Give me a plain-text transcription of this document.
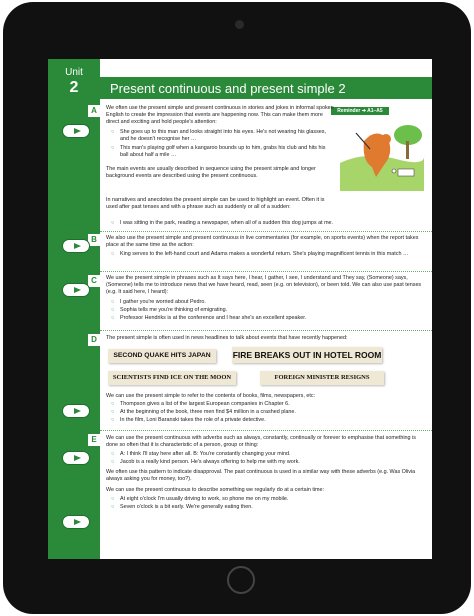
Unit
2	Present continuous and present simple 2
A	Reminder ➔ A1–A5
We often use the present simple and present continuous in stories and jokes in informal spoken English to create the impression that events are happening now. This can make them more direct and exciting and hold people's attention:
○ She goes up to this man and looks straight into his eyes. He's not wearing his glasses, and he doesn't recognise her …
○ This man's playing golf when a kangaroo bounds up to him, grabs his club and hits his ball about half a mile …
The main events are usually described in sequence using the present simple and longer background events are described using the present continuous.
In narratives and anecdotes the present simple can be used to highlight an event. Often it is used after past tenses and with a phrase such as suddenly or all of a sudden:
○ I was sitting in the park, reading a newspaper, when all of a sudden this dog jumps at me.
B	We also use the present simple and present continuous in live commentaries (for example, on sports events) when the report takes place at the same time as the action:
○ King serves to the left-hand court and Adams makes a wonderful return. She's playing magnificent tennis in this match …
C	We use the present simple in phrases such as It says here, I hear, I gather, I see, I understand and They say, (Someone) says, (Someone) tells me to introduce news that we have heard, read, seen (e.g. on television), or been told. We can also use past tenses (e.g. It said here, I heard):
○ I gather you're worried about Pedro.
○ Sophia tells me you're thinking of emigrating.
○ Professor Hendriks is at the conference and I hear she's an excellent speaker.
D	The present simple is often used in news headlines to talk about events that have recently happened:
SECOND QUAKE HITS JAPAN	FIRE BREAKS OUT IN HOTEL ROOM
SCIENTISTS FIND ICE ON THE MOON	FOREIGN MINISTER RESIGNS
We can use the present simple to refer to the contents of books, films, newspapers, etc:
○ Thompson gives a list of the largest European companies in Chapter 6.
○ At the beginning of the book, three men find $4 million in a crashed plane.
○ In the film, Loni Baranski takes the role of a private detective.
E	We can use the present continuous with adverbs such as always, constantly, continually or forever to emphasise that something is done so often that it is characteristic of a person, group or thing:
○ A: I think I'll stay here after all. B: You're constantly changing your mind.
○ Jacob is a really kind person. He's always offering to help me with my work.
We often use this pattern to indicate disapproval. The past continuous is used in a similar way with these adverbs (e.g. Was Olivia always asking you for money, too?).
We can use the present continuous to describe something we regularly do at a certain time:
○ At eight o'clock I'm usually driving to work, so phone me on my mobile.
○ Seven o'clock is a bit early. We're generally eating then.
